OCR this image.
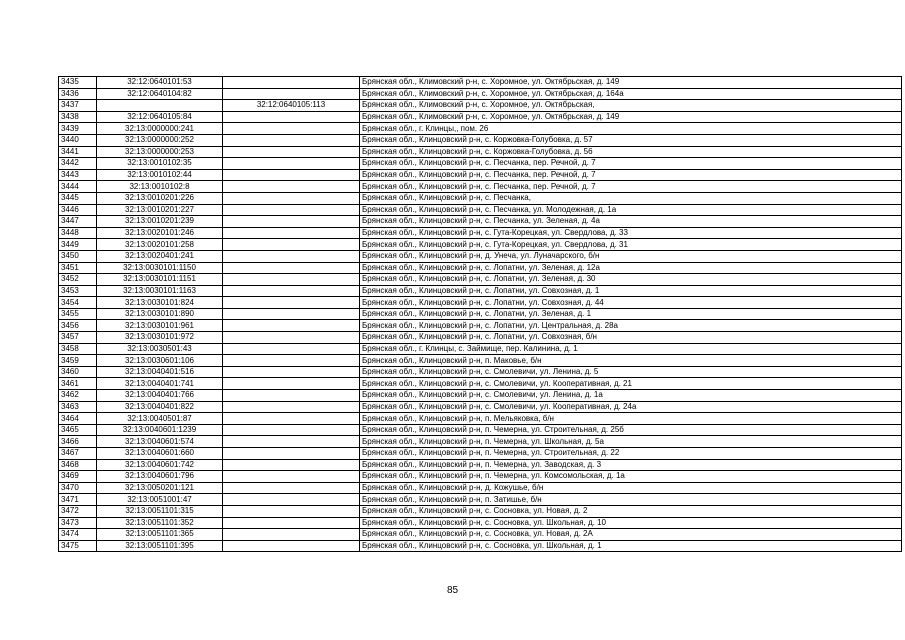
3435	32:12:0640101:53		Брянская обл., Климовский р-н, с. Хоромное, ул. Октябрьская, д. 149
3436	32:12:0640104:82		Брянская обл., Климовский р-н, с. Хоромное, ул. Октябрьская, д. 164а
3437		32:12:0640105:113	Брянская обл., Климовский р-н, с. Хоромное, ул. Октябрьская,
3438	32:12:0640105:84		Брянская обл., Климовский р-н, с. Хоромное, ул. Октябрьская, д. 149
3439	32:13:0000000:241		Брянская обл., г. Клинцы,, пом. 26
3440	32:13:0000000:252		Брянская обл., Клинцовский р-н, с. Коржовка-Голубовка, д. 57
3441	32:13:0000000:253		Брянская обл., Клинцовский р-н, с. Коржовка-Голубовка, д. 56
3442	32:13:0010102:35		Брянская обл., Клинцовский р-н, с. Песчанка, пер. Речной, д. 7
3443	32:13:0010102:44		Брянская обл., Клинцовский р-н, с. Песчанка, пер. Речной, д. 7
3444	32:13:0010102:8		Брянская обл., Клинцовский р-н, с. Песчанка, пер. Речной, д. 7
3445	32:13:0010201:226		Брянская обл., Клинцовский р-н, с. Песчанка,
3446	32:13:0010201:227		Брянская обл., Клинцовский р-н, с. Песчанка, ул. Молодежная, д. 1а
3447	32:13:0010201:239		Брянская обл., Клинцовский р-н, с. Песчанка, ул. Зеленая, д. 4а
3448	32:13:0020101:246		Брянская обл., Клинцовский р-н, с. Гута-Корецкая, ул. Свердлова, д. 33
3449	32:13:0020101:258		Брянская обл., Клинцовский р-н, с. Гута-Корецкая, ул. Свердлова, д. 31
3450	32:13:0020401:241		Брянская обл., Клинцовский р-н, д. Унеча, ул. Луначарского, б/н
3451	32:13:0030101:1150		Брянская обл., Клинцовский р-н, с. Лопатни, ул. Зеленая, д. 12а
3452	32:13:0030101:1151		Брянская обл., Клинцовский р-н, с. Лопатни, ул. Зеленая, д. 30
3453	32:13:0030101:1163		Брянская обл., Клинцовский р-н, с. Лопатни, ул. Совхозная, д. 1
3454	32:13:0030101:824		Брянская обл., Клинцовский р-н, с. Лопатни, ул. Совхозная, д. 44
3455	32:13:0030101:890		Брянская обл., Клинцовский р-н, с. Лопатни, ул. Зеленая, д. 1
3456	32:13:0030101:961		Брянская обл., Клинцовский р-н, с. Лопатни, ул. Центральная, д. 28а
3457	32:13:0030101:972		Брянская обл., Клинцовский р-н, с. Лопатни, ул. Совхозная, б/н
3458	32:13:0030501:43		Брянская обл., г. Клинцы, с. Займище, пер. Калинина, д. 1
3459	32:13:0030601:106		Брянская обл., Клинцовский р-н, п. Маковье, б/н
3460	32:13:0040401:516		Брянская обл., Клинцовский р-н, с. Смолевичи, ул. Ленина, д. 5
3461	32:13:0040401:741		Брянская обл., Клинцовский р-н, с. Смолевичи, ул. Кооперативная, д. 21
3462	32:13:0040401:766		Брянская обл., Клинцовский р-н, с. Смолевичи, ул. Ленина, д. 1а
3463	32:13:0040401:822		Брянская обл., Клинцовский р-н, с. Смолевичи, ул. Кооперативная, д. 24а
3464	32:13:0040501:87		Брянская обл., Клинцовский р-н, п. Мельяковка, б/н
3465	32:13:0040601:1239		Брянская обл., Клинцовский р-н, п. Чемерна, ул. Строительная, д. 25б
3466	32:13:0040601:574		Брянская обл., Клинцовский р-н, п. Чемерна, ул. Школьная, д. 5а
3467	32:13:0040601:660		Брянская обл., Клинцовский р-н, п. Чемерна, ул. Строительная, д. 22
3468	32:13:0040601:742		Брянская обл., Клинцовский р-н, п. Чемерна, ул. Заводская, д. 3
3469	32:13:0040601:796		Брянская обл., Клинцовский р-н, п. Чемерна, ул. Комсомольская, д. 1а
3470	32:13:0050201:121		Брянская обл., Клинцовский р-н, д. Кожушье, б/н
3471	32:13:0051001:47		Брянская обл., Клинцовский р-н, п. Затишье, б/н
3472	32:13:0051101:315		Брянская обл., Клинцовский р-н, с. Сосновка, ул. Новая, д. 2
3473	32:13:0051101:352		Брянская обл., Клинцовский р-н, с. Сосновка, ул. Школьная, д. 10
3474	32:13:0051101:365		Брянская обл., Клинцовский р-н, с. Сосновка, ул. Новая, д. 2А
3475	32:13:0051101:395		Брянская обл., Клинцовский р-н, с. Сосновка, ул. Школьная, д. 1
85
